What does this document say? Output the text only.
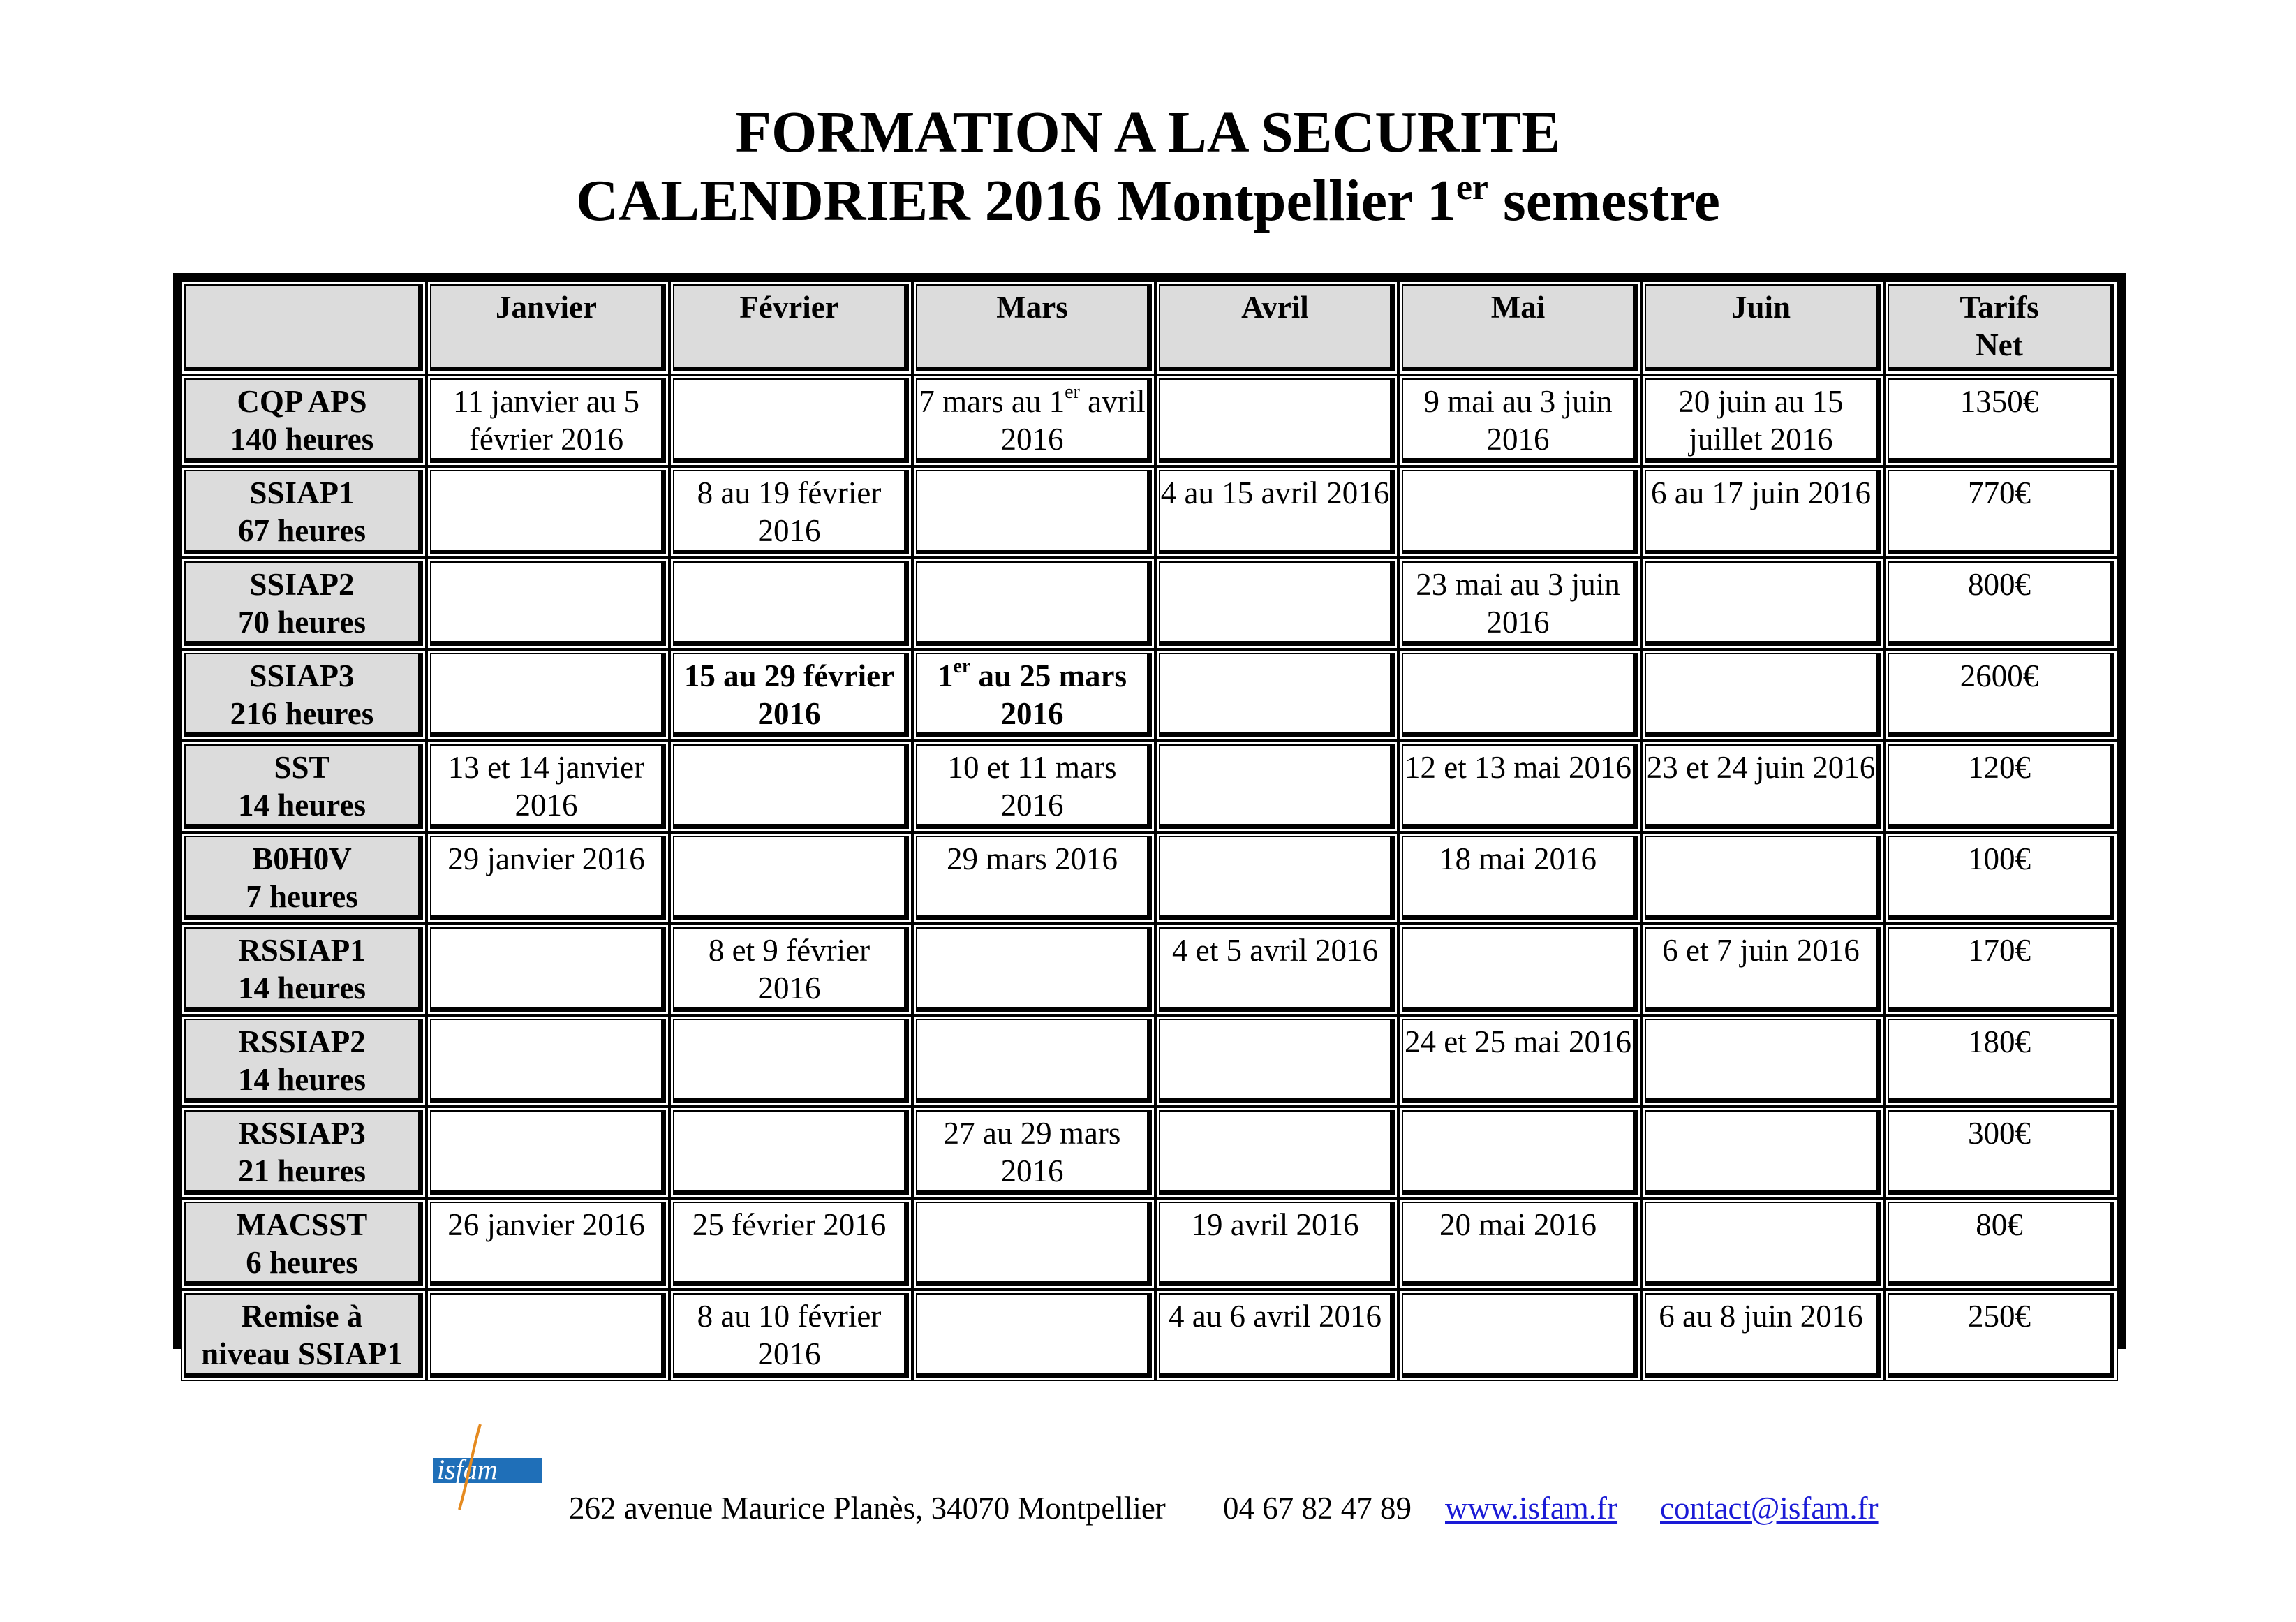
FORMATION A LA SECURITE
CALENDRIER 2016 Montpellier 1er semestre

	Janvier	Février	Mars	Avril	Mai	Juin	Tarifs
Net

CQP APS
140 heures	11 janvier au 5 février 2016		7 mars au 1er avril 2016		9 mai au 3 juin 2016	20 juin au 15 juillet 2016	1350€

SSIAP1
67 heures		8 au 19 février 2016		4 au 15 avril 2016		6 au 17 juin 2016	770€

SSIAP2
70 heures					23 mai au 3 juin 2016		800€

SSIAP3
216 heures		15 au 29 février 2016	1er au 25 mars 2016				2600€

SST
14 heures	13 et 14 janvier 2016		10 et 11 mars 2016		12 et 13 mai 2016	23 et 24 juin 2016	120€

B0H0V
7 heures	29 janvier 2016		29 mars 2016		18 mai 2016		100€

RSSIAP1
14 heures		8 et 9 février 2016		4 et 5 avril 2016		6 et 7 juin 2016	170€

RSSIAP2
14 heures					24 et 25 mai 2016		180€

RSSIAP3
21 heures			27 au 29 mars 2016				300€

MACSST
6 heures	26 janvier 2016	25 février 2016		19 avril 2016	20 mai 2016		80€

Remise à
niveau SSIAP1		8 au 10 février 2016		4 au 6 avril 2016		6 au 8 juin 2016	250€
isfam
262 avenue Maurice Planès, 34070 Montpellier 04 67 82 47 89 www.isfam.fr contact@isfam.fr
